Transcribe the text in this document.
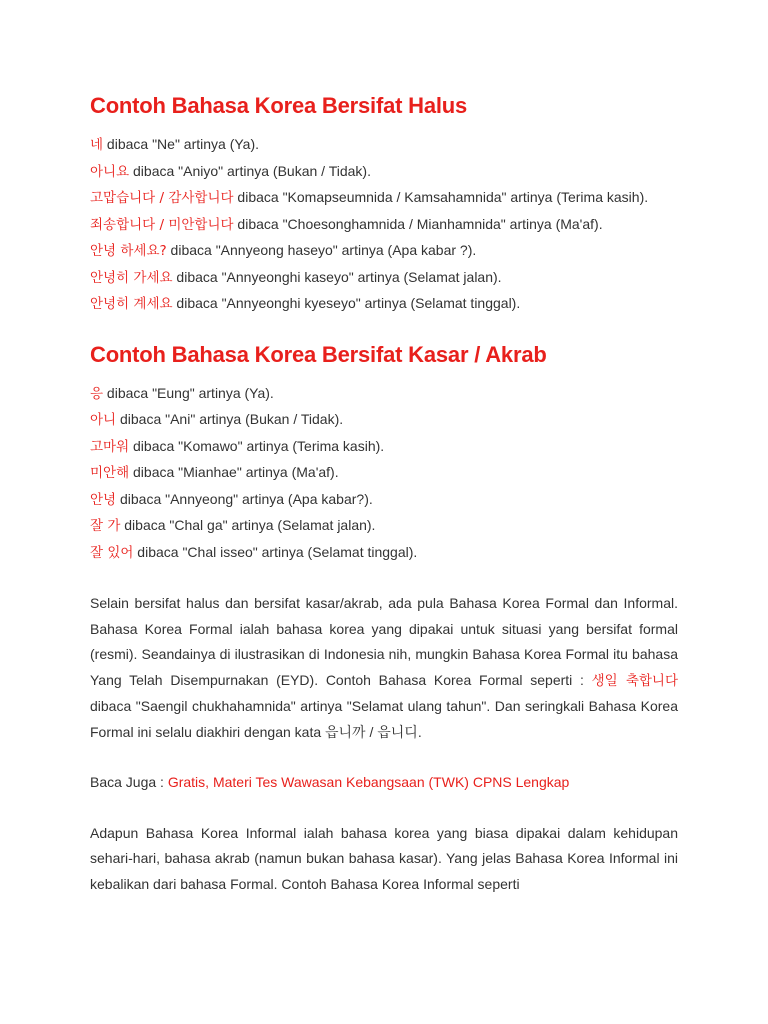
Contoh Bahasa Korea Bersifat Halus

네 dibaca "Ne" artinya (Ya).

아니요 dibaca "Aniyo" artinya (Bukan / Tidak).

고맙습니다 / 감사합니다 dibaca "Komapseumnida / Kamsahamnida" artinya (Terima kasih).

죄송합니다 / 미안합니다 dibaca "Choesonghamnida / Mianhamnida" artinya (Ma'af).

안녕 하세요? dibaca "Annyeong haseyo" artinya (Apa kabar ?).

안녕히 가세요 dibaca "Annyeonghi kaseyo" artinya (Selamat jalan).

안녕히 계세요 dibaca "Annyeonghi kyeseyo" artinya (Selamat tinggal).

Contoh Bahasa Korea Bersifat Kasar / Akrab

응 dibaca "Eung" artinya (Ya).

아니 dibaca "Ani" artinya (Bukan / Tidak).

고마워 dibaca "Komawo" artinya (Terima kasih).

미안해 dibaca "Mianhae" artinya (Ma'af).

안녕 dibaca "Annyeong" artinya (Apa kabar?).

잘 가 dibaca "Chal ga" artinya (Selamat jalan).

잘 있어 dibaca "Chal isseo" artinya (Selamat tinggal).

Selain bersifat halus dan bersifat kasar/akrab, ada pula Bahasa Korea Formal dan Informal. Bahasa Korea Formal ialah bahasa korea yang dipakai untuk situasi yang bersifat formal (resmi). Seandainya di ilustrasikan di Indonesia nih, mungkin Bahasa Korea Formal itu bahasa Yang Telah Disempurnakan (EYD). Contoh Bahasa Korea Formal seperti : 생일 축합니다 dibaca "Saengil chukhahamnida" artinya "Selamat ulang tahun". Dan seringkali Bahasa Korea Formal ini selalu diakhiri dengan kata 읍니까 / 읍니디.

Baca Juga : Gratis, Materi Tes Wawasan Kebangsaan (TWK) CPNS Lengkap

Adapun Bahasa Korea Informal ialah bahasa korea yang biasa dipakai dalam kehidupan sehari-hari, bahasa akrab (namun bukan bahasa kasar). Yang jelas Bahasa Korea Informal ini kebalikan dari bahasa Formal. Contoh Bahasa Korea Informal seperti
